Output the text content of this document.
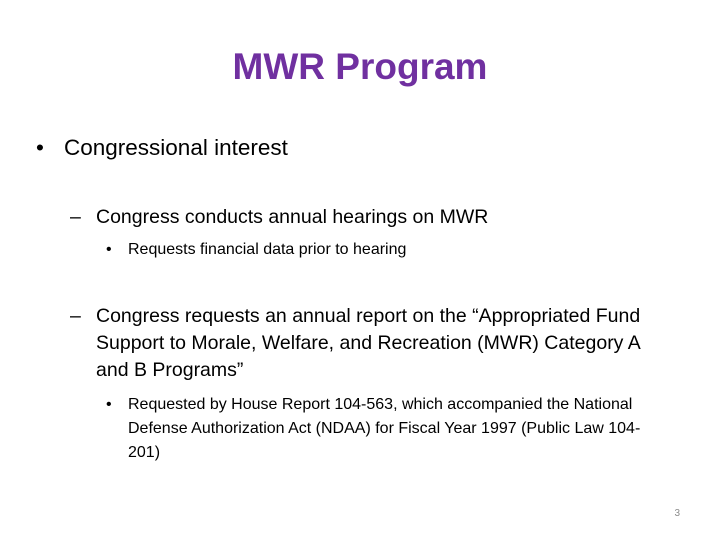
MWR Program
• Congressional interest
– Congress conducts annual hearings on MWR
•	Requests financial data prior to hearing
– Congress requests an annual report on the “Appropriated Fund Support to Morale, Welfare, and Recreation (MWR) Category A and B Programs”
•	Requested by House Report 104-563, which accompanied the National Defense Authorization Act (NDAA) for Fiscal Year 1997 (Public Law 104-201)
3
